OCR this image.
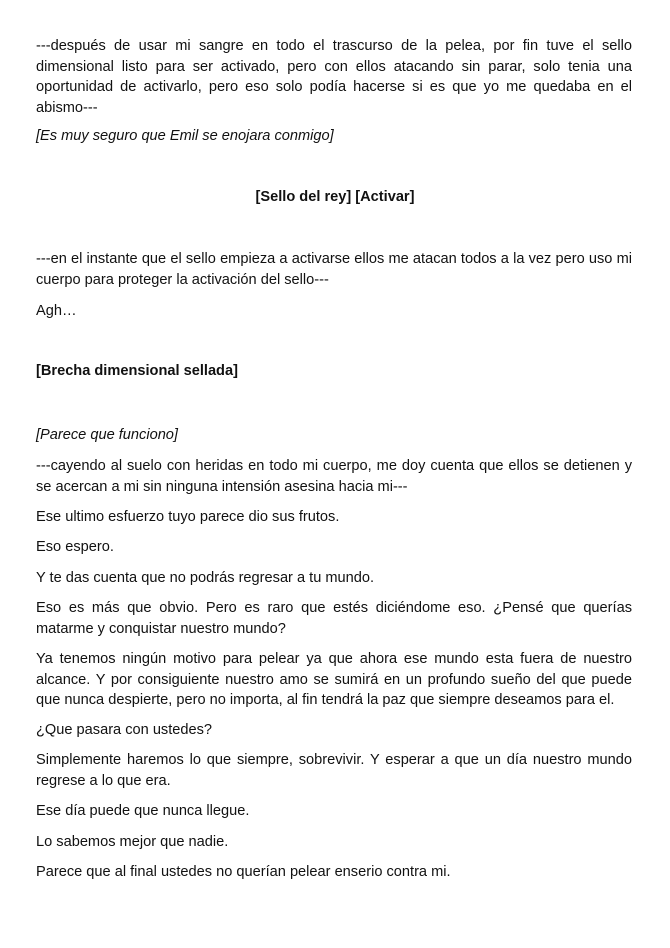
---después de usar mi sangre en todo el trascurso de la pelea, por fin tuve el sello dimensional listo para ser activado, pero con ellos atacando sin parar, solo tenia una oportunidad de activarlo, pero eso solo podía hacerse si es que yo me quedaba en el abismo---

[Es muy seguro que Emil se enojara conmigo]

[Sello del rey] [Activar]

---en el instante que el sello empieza a activarse ellos me atacan todos a la vez pero uso mi cuerpo para proteger la activación del sello---

Agh…

[Brecha dimensional sellada]

[Parece que funciono]

---cayendo al suelo con heridas en todo mi cuerpo, me doy cuenta que ellos se detienen y se acercan a mi sin ninguna intensión asesina hacia mi---

Ese ultimo esfuerzo tuyo parece dio sus frutos.

Eso espero.

Y te das cuenta que no podrás regresar a tu mundo.

Eso es más que obvio. Pero es raro que estés diciéndome eso. ¿Pensé que querías matarme y conquistar nuestro mundo?

Ya tenemos ningún motivo para pelear ya que ahora ese mundo esta fuera de nuestro alcance. Y por consiguiente nuestro amo se sumirá en un profundo sueño del que puede que nunca despierte, pero no importa, al fin tendrá la paz que siempre deseamos para el.

¿Que pasara con ustedes?

Simplemente haremos lo que siempre, sobrevivir. Y esperar a que un día nuestro mundo regrese a lo que era.

Ese día puede que nunca llegue.

Lo sabemos mejor que nadie.

Parece que al final ustedes no querían pelear enserio contra mi.
